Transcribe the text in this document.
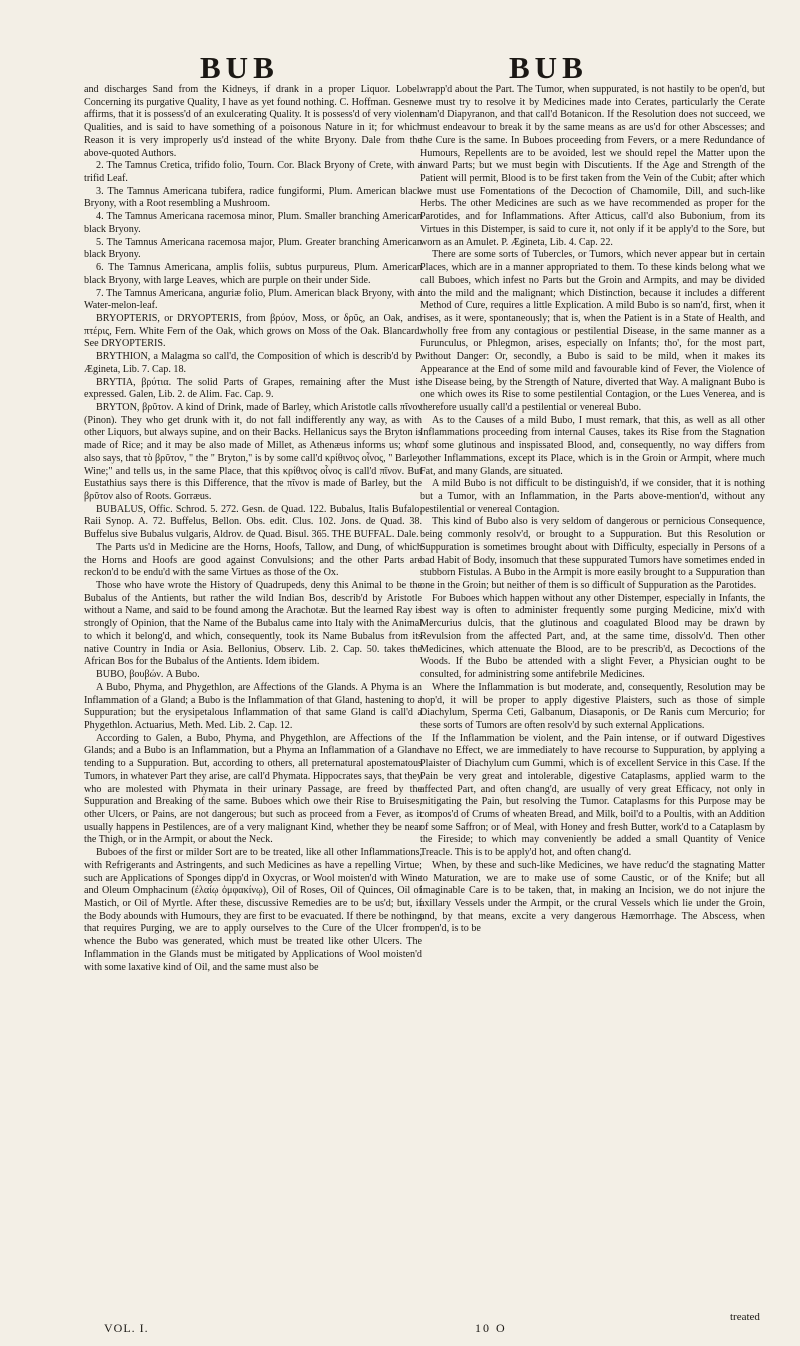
BUB	BUB

and discharges Sand from the Kidneys, if drank in a proper Liquor. Lobel. Concerning its purgative Quality, I have as yet found nothing. C. Hoffman. Gesner affirms, that it is possess'd of an exulcerating Quality. It is possess'd of very violent Qualities, and is said to have something of a poisonous Nature in it; for which Reason it is very improperly us'd instead of the white Bryony. Dale from the above-quoted Authors.

2. The Tamnus Cretica, trifido folio, Tourn. Cor. Black Bryony of Crete, with a trifid Leaf.

3. The Tamnus Americana tubifera, radice fungiformi, Plum. American black Bryony, with a Root resembling a Mushroom.

4. The Tamnus Americana racemosa minor, Plum. Smaller branching American black Bryony.

5. The Tamnus Americana racemosa major, Plum. Greater branching American black Bryony.

6. The Tamnus Americana, amplis foliis, subtus purpureus, Plum. American black Bryony, with large Leaves, which are purple on their under Side.

7. The Tamnus Americana, anguriæ folio, Plum. American black Bryony, with a Water-melon-leaf.

BRYOPTERIS, or DRYOPTERIS, from βρύον, Moss, or δρῦς, an Oak, and πτέρις, Fern. White Fern of the Oak, which grows on Moss of the Oak. Blancard. See DRYOPTERIS.

BRYTHION, a Malagma so call'd, the Composition of which is describ'd by P. Ægineta, Lib. 7. Cap. 18.

BRYTIA, βρύτια. The solid Parts of Grapes, remaining after the Must is expressed. Galen, Lib. 2. de Alim. Fac. Cap. 9.

BRYTON, βρῦτον. A kind of Drink, made of Barley, which Aristotle calls πῖνον (Pinon). They who get drunk with it, do not fall indifferently any way, as with other Liquors, but always supine, and on their Backs. Hellanicus says the Bryton is made of Rice; and it may be also made of Millet, as Athenæus informs us; who also says, that τὸ βρῦτον, " the " Bryton," is by some call'd κρίθινος οἶνος, " Barley Wine;" and tells us, in the same Place, that this κρίθινος οἶνος is call'd πῖνον. But Eustathius says there is this Difference, that the πῖνον is made of Barley, but the βρῦτον also of Roots. Gorræus.

BUBALUS, Offic. Schrod. 5. 272. Gesn. de Quad. 122. Bubalus, Italis Bufalo, Raii Synop. A. 72. Buffelus, Bellon. Obs. edit. Clus. 102. Jons. de Quad. 38. Buffelus sive Bubalus vulgaris, Aldrov. de Quad. Bisul. 365. THE BUFFAL. Dale.

The Parts us'd in Medicine are the Horns, Hoofs, Tallow, and Dung, of which the Horns and Hoofs are good against Convulsions; and the other Parts are reckon'd to be endu'd with the same Virtues as those of the Ox.

Those who have wrote the History of Quadrupeds, deny this Animal to be the Bubalus of the Antients, but rather the wild Indian Bos, describ'd by Aristotle without a Name, and said to be found among the Arachotæ. But the learned Ray is strongly of Opinion, that the Name of the Bubalus came into Italy with the Animal to which it belong'd, and which, consequently, took its Name Bubalus from its native Country in India or Asia. Bellonius, Observ. Lib. 2. Cap. 50. takes the African Bos for the Bubalus of the Antients. Idem ibidem.

BUBO, βουβών. A Bubo.

A Bubo, Phyma, and Phygethlon, are Affections of the Glands. A Phyma is an Inflammation of a Gland; a Bubo is the Inflammation of that Gland, hastening to a Suppuration; but the erysipetalous Inflammation of that same Gland is call'd a Phygethlon. Actuarius, Meth. Med. Lib. 2. Cap. 12.

According to Galen, a Bubo, Phyma, and Phygethlon, are Affections of the Glands; and a Bubo is an Inflammation, but a Phyma an Inflammation of a Gland tending to a Suppuration. But, according to others, all preternatural apostematous Tumors, in whatever Part they arise, are call'd Phymata. Hippocrates says, that they who are molested with Phymata in their urinary Passage, are freed by the Suppuration and Breaking of the same. Buboes which owe their Rise to Bruises, other Ulcers, or Pains, are not dangerous; but such as proceed from a Fever, as it usually happens in Pestilences, are of a very malignant Kind, whether they be near the Thigh, or in the Armpit, or about the Neck.

Buboes of the first or milder Sort are to be treated, like all other Inflammations, with Refrigerants and Astringents, and such Medicines as have a repelling Virtue; such are Applications of Sponges dipp'd in Oxycras, or Wool moisten'd with Wine and Oleum Omphacinum (ἐλαίῳ ὀμφακίνῳ), Oil of Roses, Oil of Quinces, Oil of Mastich, or Oil of Myrtle. After these, discussive Remedies are to be us'd; but, if the Body abounds with Humours, they are first to be evacuated. If there be nothing that requires Purging, we are to apply ourselves to the Cure of the Ulcer from whence the Bubo was generated, which must be treated like other Ulcers. The Inflammation in the Glands must be mitigated by Applications of Wool moisten'd with some laxative kind of Oil, and the same must also be

wrapp'd about the Part. The Tumor, when suppurated, is not hastily to be open'd, but we must try to resolve it by Medicines made into Cerates, particularly the Cerate nam'd Diapyranon, and that call'd Botanicon. If the Resolution does not succeed, we must endeavour to break it by the same means as are us'd for other Abscesses; and the Cure is the same. In Buboes proceeding from Fevers, or a mere Redundance of Humours, Repellents are to be avoided, lest we should repel the Matter upon the inward Parts; but we must begin with Discutients. If the Age and Strength of the Patient will permit, Blood is to be first taken from the Vein of the Cubit; after which we must use Fomentations of the Decoction of Chamomile, Dill, and such-like Herbs. The other Medicines are such as we have recommended as proper for the Parotides, and for Inflammations. After Atticus, call'd also Bubonium, from its Virtues in this Distemper, is said to cure it, not only if it be apply'd to the Sore, but worn as an Amulet. P. Ægineta, Lib. 4. Cap. 22.

There are some sorts of Tubercles, or Tumors, which never appear but in certain Places, which are in a manner appropriated to them. To these kinds belong what we call Buboes, which infest no Parts but the Groin and Armpits, and may be divided into the mild and the malignant; which Distinction, because it includes a different Method of Cure, requires a little Explication. A mild Bubo is so nam'd, first, when it rises, as it were, spontaneously; that is, when the Patient is in a State of Health, and wholly free from any contagious or pestilential Disease, in the same manner as a Furunculus, or Phlegmon, arises, especially on Infants; tho', for the most part, without Danger: Or, secondly, a Bubo is said to be mild, when it makes its Appearance at the End of some mild and favourable kind of Fever, the Violence of the Disease being, by the Strength of Nature, diverted that Way. A malignant Bubo is one which owes its Rise to some pestilential Contagion, or the Lues Venerea, and is therefore usually call'd a pestilential or venereal Bubo.

As to the Causes of a mild Bubo, I must remark, that this, as well as all other Inflammations proceeding from internal Causes, takes its Rise from the Stagnation of some glutinous and inspissated Blood, and, consequently, no way differs from other Inflammations, except its Place, which is in the Groin or Armpit, where much Fat, and many Glands, are situated.

A mild Bubo is not difficult to be distinguish'd, if we consider, that it is nothing but a Tumor, with an Inflammation, in the Parts above-mention'd, without any pestilential or venereal Contagion.

This kind of Bubo also is very seldom of dangerous or pernicious Consequence, being commonly resolv'd, or brought to a Suppuration. But this Resolution or Suppuration is sometimes brought about with Difficulty, especially in Persons of a bad Habit of Body, insomuch that these suppurated Tumors have sometimes ended in stubborn Fistulas. A Bubo in the Armpit is more easily brought to a Suppuration than one in the Groin; but neither of them is so difficult of Suppuration as the Parotides.

For Buboes which happen without any other Distemper, especially in Infants, the best way is often to administer frequently some purging Medicine, mix'd with Mercurius dulcis, that the glutinous and coagulated Blood may be drawn by Revulsion from the affected Part, and, at the same time, dissolv'd. Then other Medicines, which attenuate the Blood, are to be prescrib'd, as Decoctions of the Woods. If the Bubo be attended with a slight Fever, a Physician ought to be consulted, for administring some antifebrile Medicines.

Where the Inflammation is but moderate, and, consequently, Resolution may be hop'd, it will be proper to apply digestive Plaisters, such as those of simple Diachylum, Sperma Ceti, Galbanum, Diasaponis, or De Ranis cum Mercurio; for these sorts of Tumors are often resolv'd by such external Applications.

If the Inflammation be violent, and the Pain intense, or if outward Digestives have no Effect, we are immediately to have recourse to Suppuration, by applying a Plaister of Diachylum cum Gummi, which is of excellent Service in this Case. If the Pain be very great and intolerable, digestive Cataplasms, applied warm to the affected Part, and often chang'd, are usually of very great Efficacy, not only in mitigating the Pain, but resolving the Tumor. Cataplasms for this Purpose may be compos'd of Crums of wheaten Bread, and Milk, boil'd to a Poultis, with an Addition of some Saffron; or of Meal, with Honey and fresh Butter, work'd to a Cataplasm by the Fireside; to which may conveniently be added a small Quantity of Venice Treacle. This is to be apply'd hot, and often chang'd.

When, by these and such-like Medicines, we have reduc'd the stagnating Matter to Maturation, we are to make use of some Caustic, or of the Knife; but all imaginable Care is to be taken, that, in making an Incision, we do not injure the axillary Vessels under the Armpit, or the crural Vessels which lie under the Groin, and, by that means, excite a very dangerous Hæmorrhage. The Abscess, when open'd, is to be

VOL. I.	10 O
treated
